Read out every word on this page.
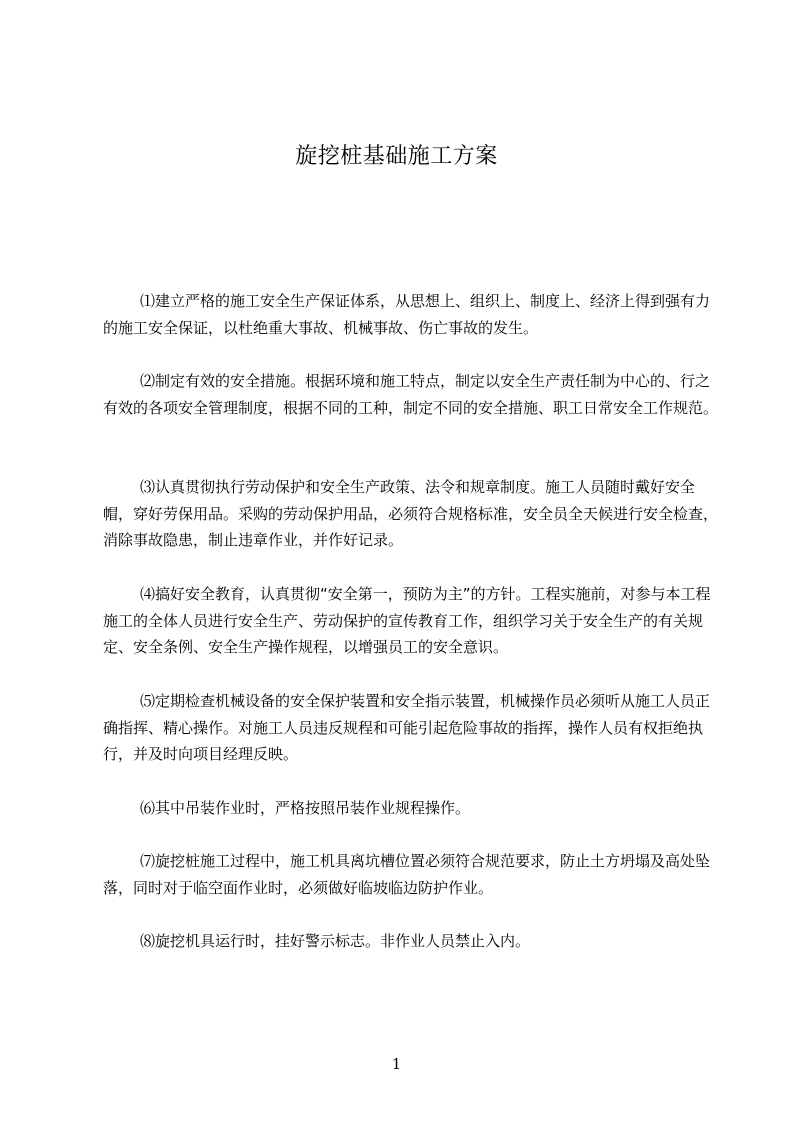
旋挖桩基础施工方案

⑴建立严格的施工安全生产保证体系，从思想上、组织上、制度上、经济上得到强有力的施工安全保证，以杜绝重大事故、机械事故、伤亡事故的发生。

⑵制定有效的安全措施。根据环境和施工特点，制定以安全生产责任制为中心的、行之有效的各项安全管理制度，根据不同的工种，制定不同的安全措施、职工日常安全工作规范。

⑶认真贯彻执行劳动保护和安全生产政策、法令和规章制度。施工人员随时戴好安全帽，穿好劳保用品。采购的劳动保护用品，必须符合规格标准，安全员全天候进行安全检查，消除事故隐患，制止违章作业，并作好记录。

⑷搞好安全教育，认真贯彻“安全第一，预防为主”的方针。工程实施前，对参与本工程施工的全体人员进行安全生产、劳动保护的宣传教育工作，组织学习关于安全生产的有关规定、安全条例、安全生产操作规程，以增强员工的安全意识。

⑸定期检查机械设备的安全保护装置和安全指示装置，机械操作员必须听从施工人员正确指挥、精心操作。对施工人员违反规程和可能引起危险事故的指挥，操作人员有权拒绝执行，并及时向项目经理反映。

⑹其中吊装作业时，严格按照吊装作业规程操作。

⑺旋挖桩施工过程中，施工机具离坑槽位置必须符合规范要求，防止土方坍塌及高处坠落，同时对于临空面作业时，必须做好临坡临边防护作业。

⑻旋挖机具运行时，挂好警示标志。非作业人员禁止入内。

1
